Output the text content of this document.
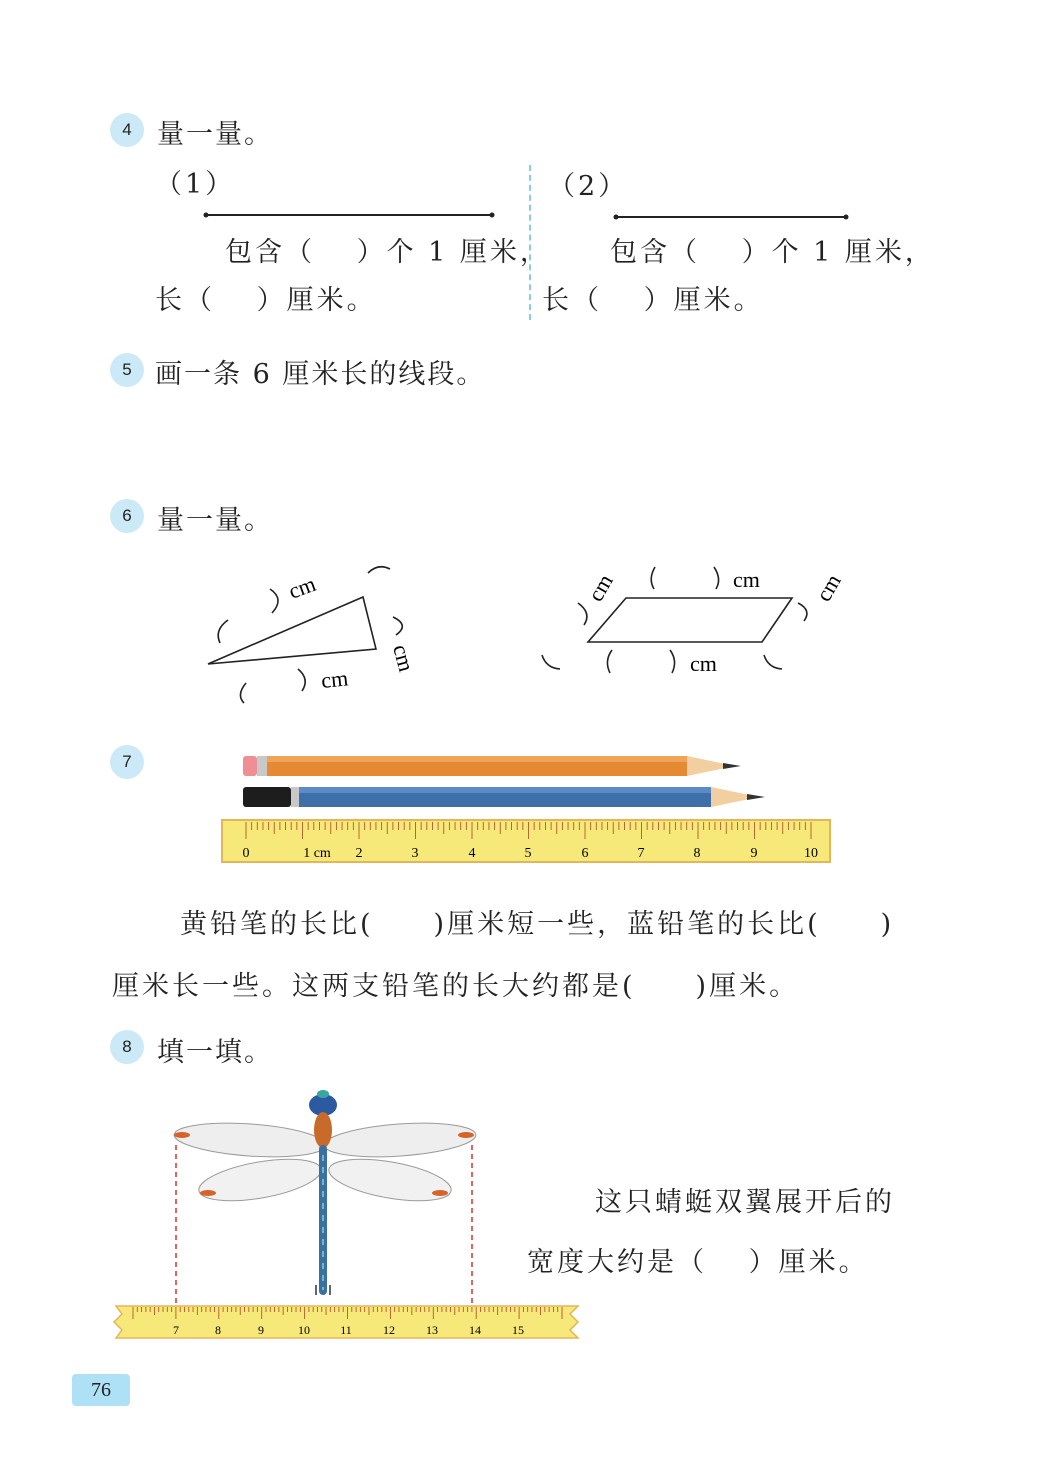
4 量一量。
（1）
包含（　 ）个 1 厘米，
长（　 ）厘米。
（2）
包含（　 ）个 1 厘米，
长（　 ）厘米。
5 画一条 6 厘米长的线段。
6 量一量。
cm
cm
cm
cm	cm cm
cm
7
0	1 cm 2	3	4	5	6	7	8	9	10
黄铅笔的长比(　　)厘米短一些，蓝铅笔的长比(　　)
厘米长一些。这两支铅笔的长大约都是(　　)厘米。
8 填一填。
7	8	9	10	11	12	13	14	15
这只蜻蜓双翼展开后的
宽度大约是（　 ）厘米。
76
